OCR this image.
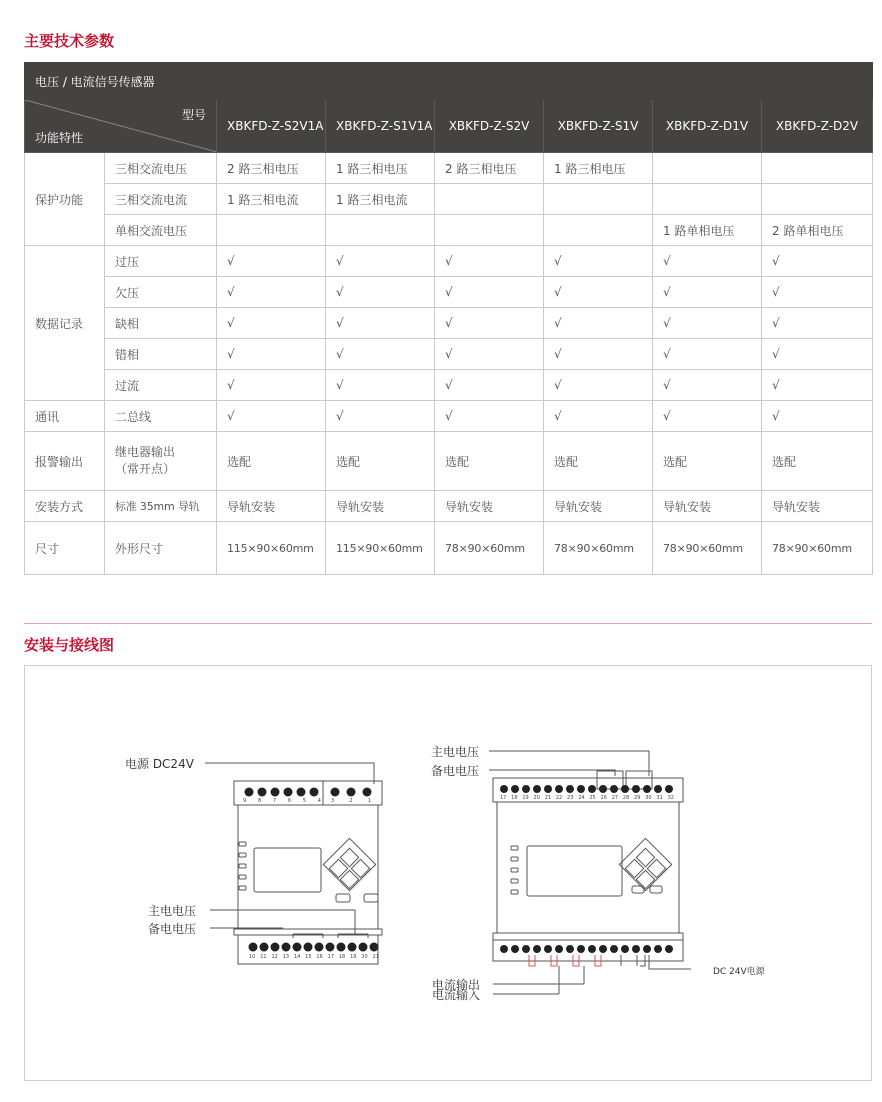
主要技术参数
电压 / 电流信号传感器							

型号
功能特性		XBKFD-Z-S2V1A	XBKFD-Z-S1V1A	XBKFD-Z-S2V	XBKFD-Z-S1V	XBKFD-Z-D1V	XBKFD-Z-D2V
保护功能	三相交流电压	2 路三相电压	1 路三相电压	2 路三相电压	1 路三相电压		
	三相交流电流	1 路三相电流	1 路三相电流				
	单相交流电压					1 路单相电压	2 路单相电压
数据记录	过压	√	√	√	√	√	√
	欠压	√	√	√	√	√	√
	缺相	√	√	√	√	√	√
	错相	√	√	√	√	√	√
	过流	√	√	√	√	√	√
通讯	二总线	√	√	√	√	√	√
报警输出	继电器输出
（常开点）	选配	选配	选配	选配	选配	选配
安装方式	标准 35mm 导轨	导轨安装	导轨安装	导轨安装	导轨安装	导轨安装	导轨安装
尺寸	外形尺寸	115×90×60mm	115×90×60mm	78×90×60mm	78×90×60mm	78×90×60mm	78×90×60mm
安装与接线图
电源 DC24V
主电电压
备电电压
9 8 7 6 5 4 3	2	1
10 11 12 13 14 15 16 17 18 19 20 21
主电电压
备电电压
电流输出
电流输入
DC 24V电源
17 18 19 20 21 22 23 24 25 26 27 28 29 30 31 32
